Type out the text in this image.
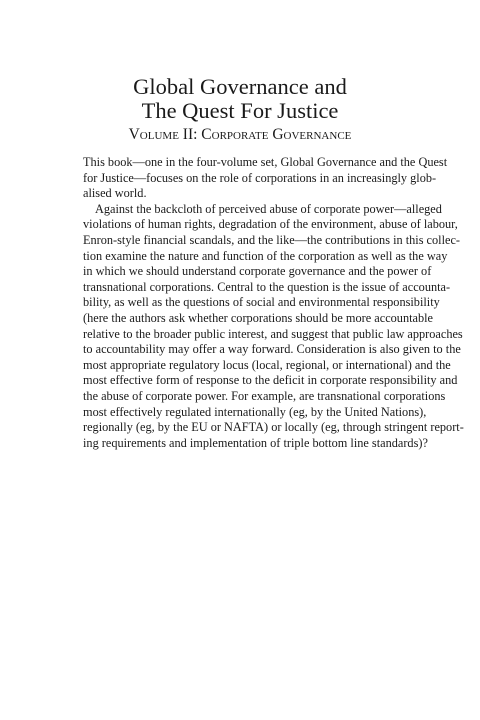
Global Governance and
The Quest For Justice
Volume II: Corporate Governance
This book—one in the four-volume set, Global Governance and the Quest
for Justice—focuses on the role of corporations in an increasingly glob-
alised world.
Against the backcloth of perceived abuse of corporate power—alleged
violations of human rights, degradation of the environment, abuse of labour,
Enron-style financial scandals, and the like—the contributions in this collec-
tion examine the nature and function of the corporation as well as the way
in which we should understand corporate governance and the power of
transnational corporations. Central to the question is the issue of accounta-
bility, as well as the questions of social and environmental responsibility
(here the authors ask whether corporations should be more accountable
relative to the broader public interest, and suggest that public law approaches
to accountability may offer a way forward. Consideration is also given to the
most appropriate regulatory locus (local, regional, or international) and the
most effective form of response to the deficit in corporate responsibility and
the abuse of corporate power. For example, are transnational corporations
most effectively regulated internationally (eg, by the United Nations),
regionally (eg, by the EU or NAFTA) or locally (eg, through stringent report-
ing requirements and implementation of triple bottom line standards)?
